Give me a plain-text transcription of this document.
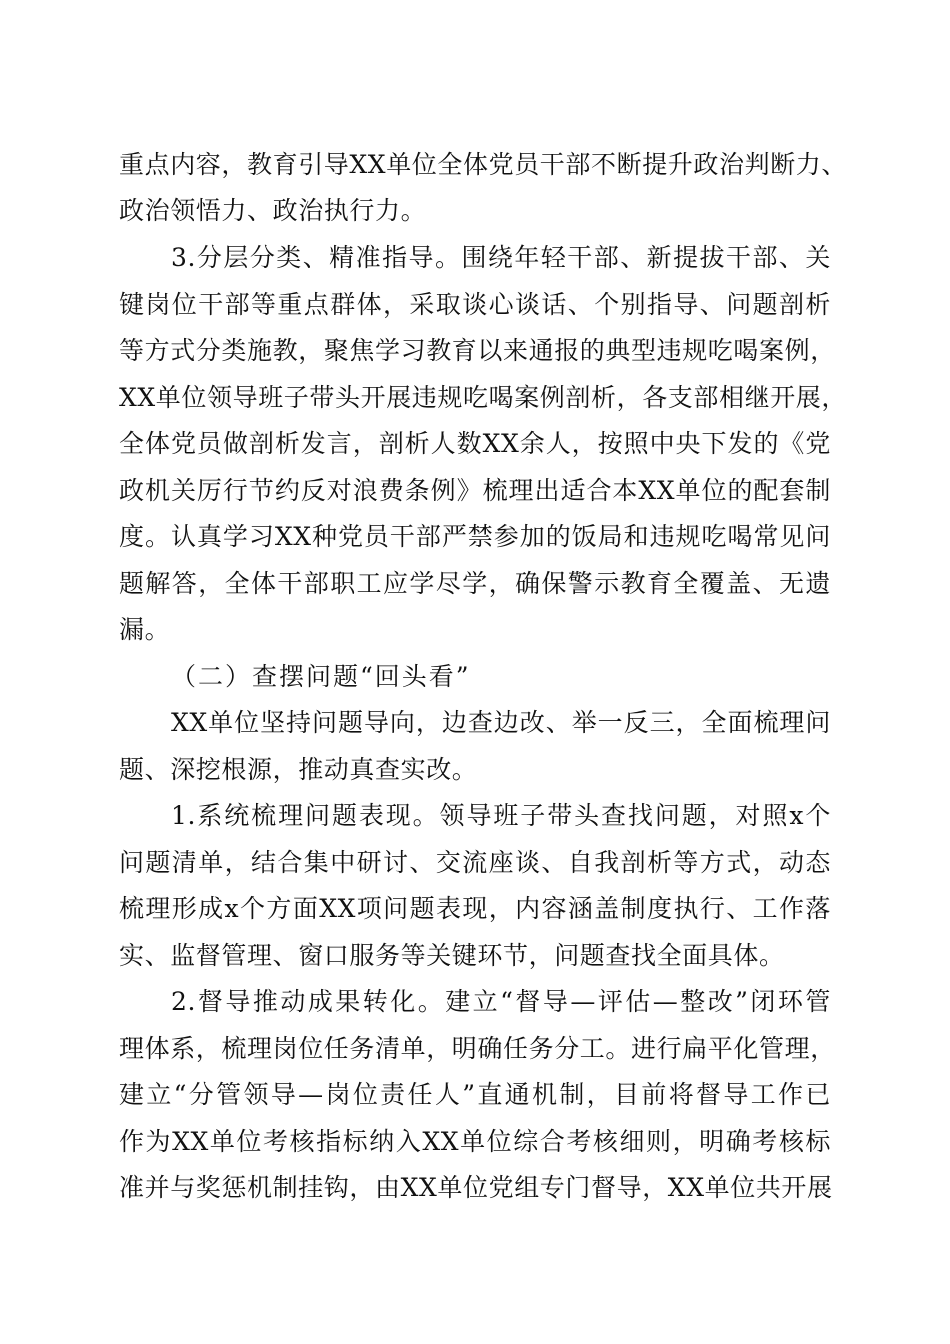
重点内容，教育引导XX单位全体党员干部不断提升政治判断力、
政治领悟力、政治执行力。
3.分层分类、精准指导。围绕年轻干部、新提拔干部、关
键岗位干部等重点群体，采取谈心谈话、个别指导、问题剖析
等方式分类施教，聚焦学习教育以来通报的典型违规吃喝案例，
XX单位领导班子带头开展违规吃喝案例剖析，各支部相继开展，
全体党员做剖析发言，剖析人数XX余人，按照中央下发的《党
政机关厉行节约反对浪费条例》梳理出适合本XX单位的配套制
度。认真学习XX种党员干部严禁参加的饭局和违规吃喝常见问
题解答，全体干部职工应学尽学，确保警示教育全覆盖、无遗
漏。
（二）查摆问题“回头看”
XX单位坚持问题导向，边查边改、举一反三，全面梳理问
题、深挖根源，推动真查实改。
1.系统梳理问题表现。领导班子带头查找问题，对照x个
问题清单，结合集中研讨、交流座谈、自我剖析等方式，动态
梳理形成x个方面XX项问题表现，内容涵盖制度执行、工作落
实、监督管理、窗口服务等关键环节，问题查找全面具体。
2.督导推动成果转化。建立“督导—评估—整改”闭环管
理体系，梳理岗位任务清单，明确任务分工。进行扁平化管理，
建立“分管领导—岗位责任人”直通机制，目前将督导工作已
作为XX单位考核指标纳入XX单位综合考核细则，明确考核标
准并与奖惩机制挂钩，由XX单位党组专门督导，XX单位共开展
